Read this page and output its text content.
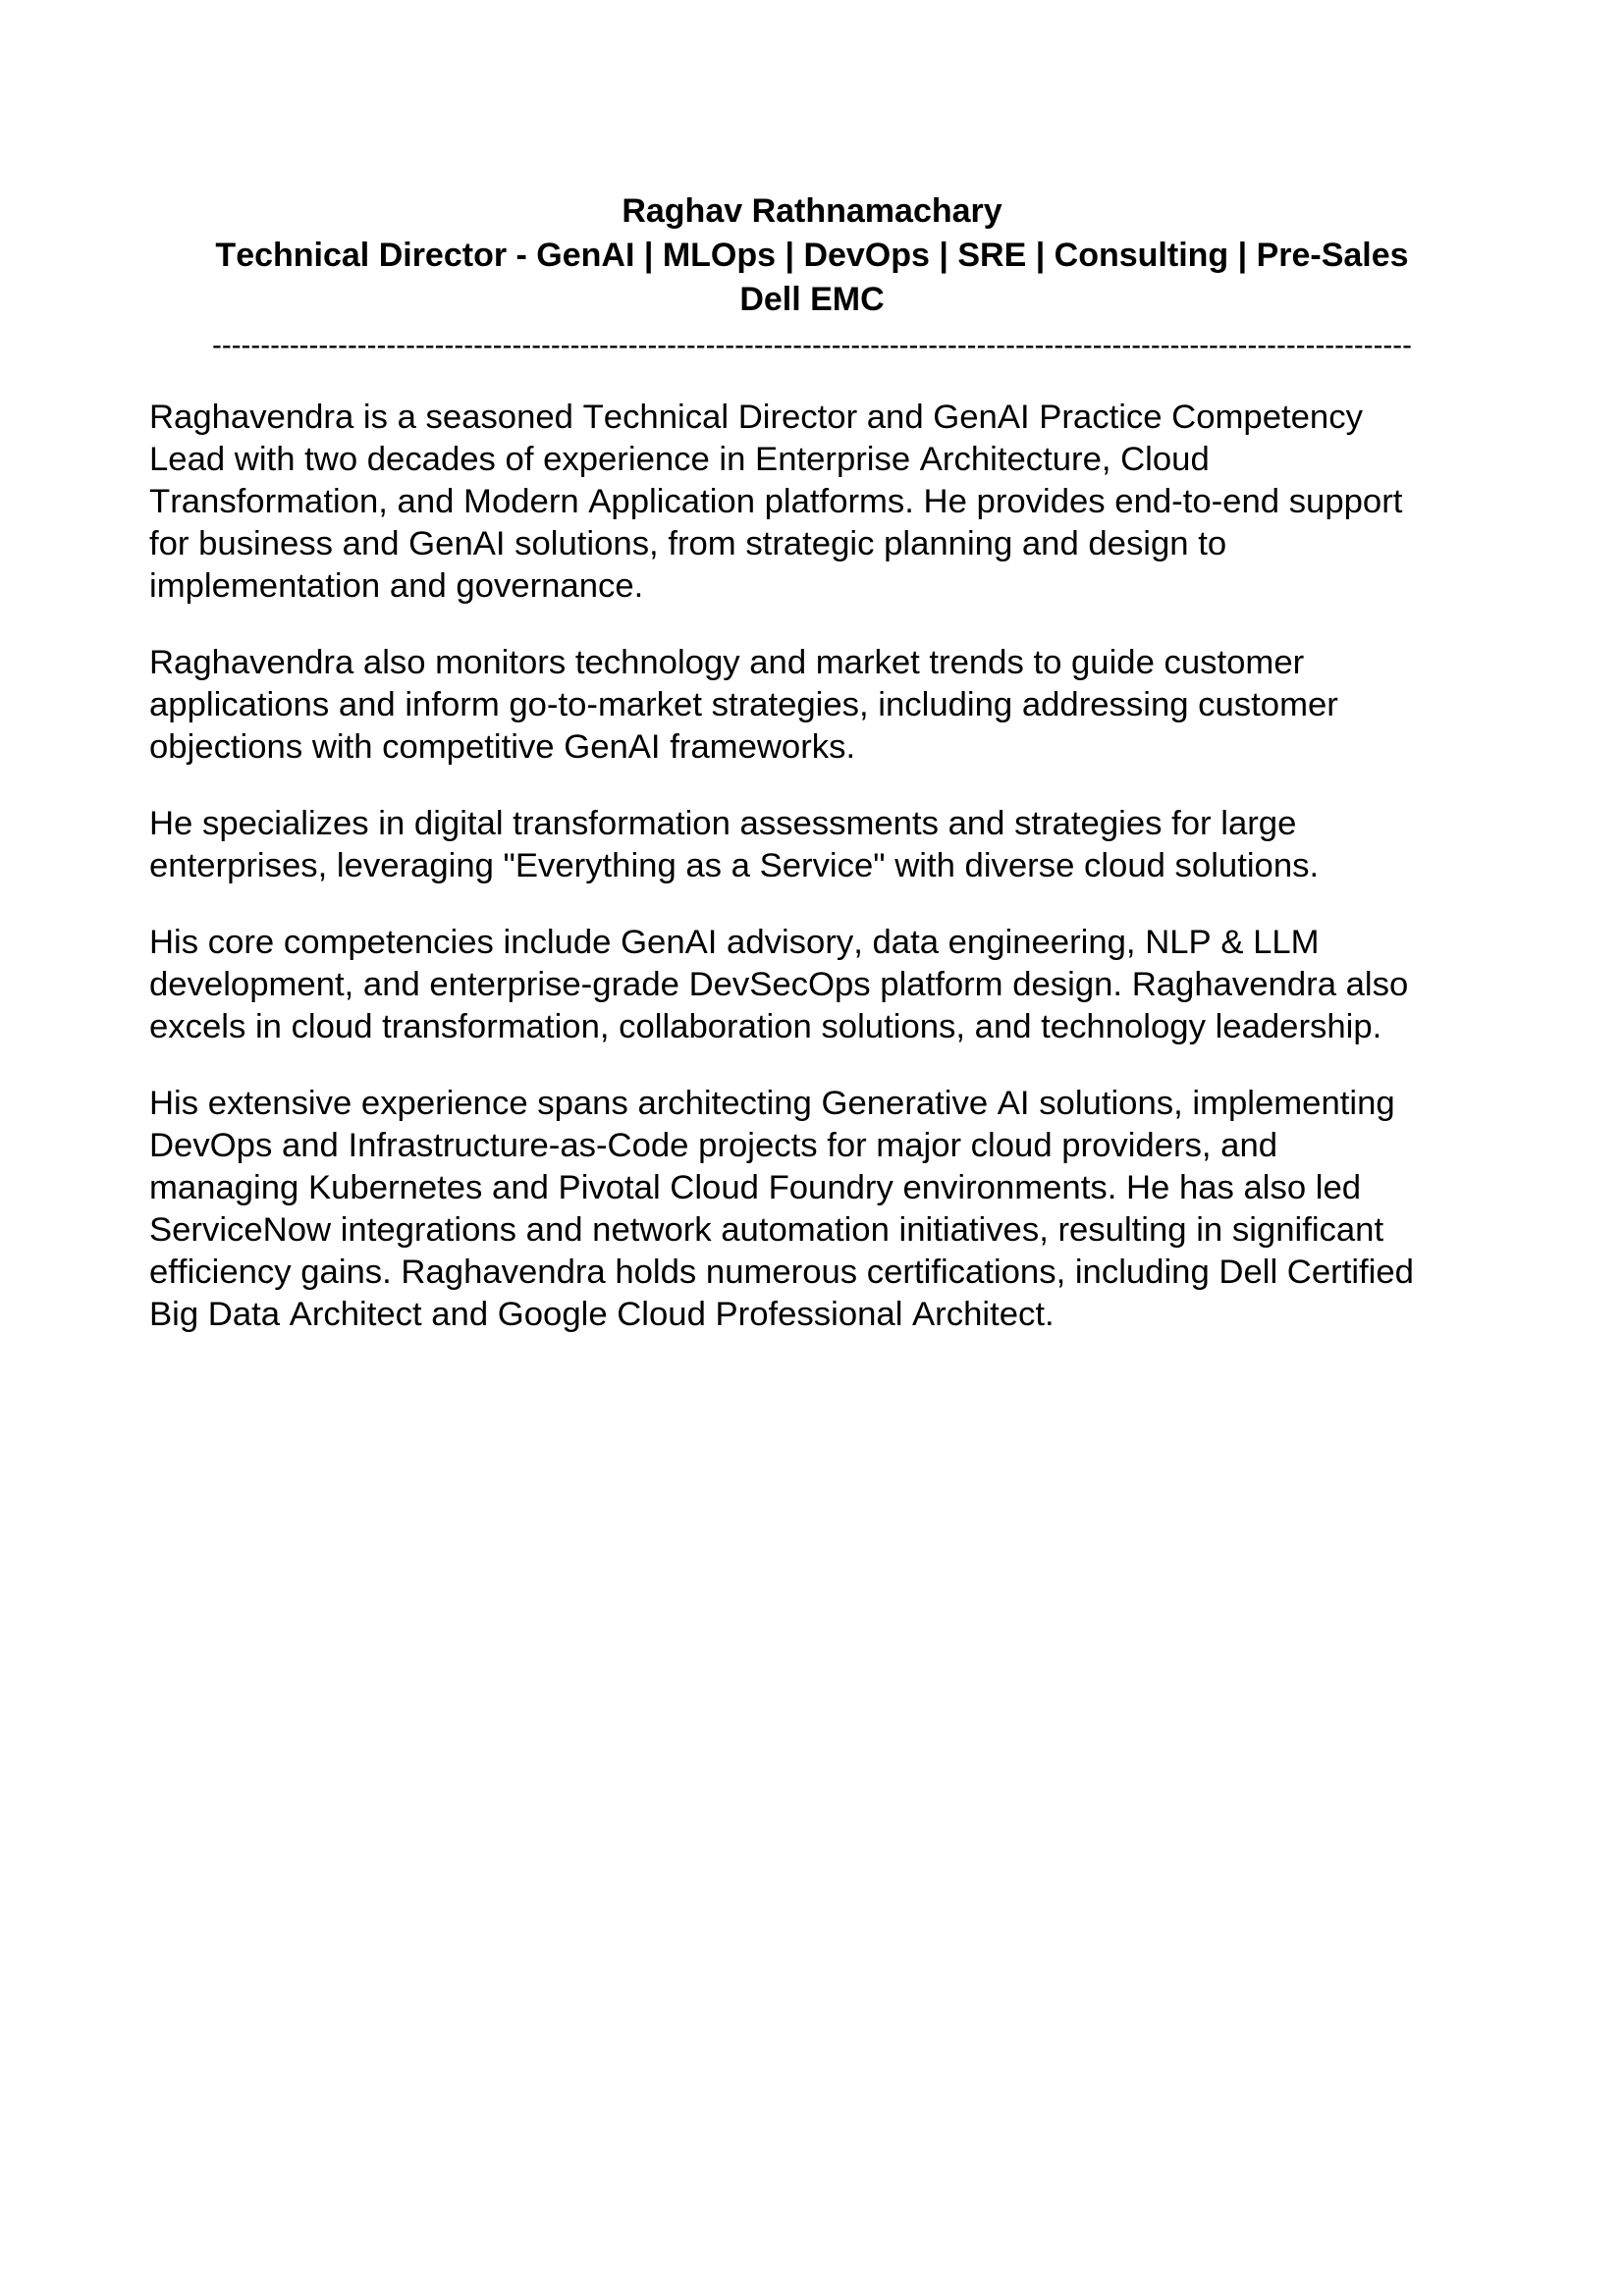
Raghav Rathnamachary
Technical Director - GenAI | MLOps | DevOps | SRE | Consulting | Pre-Sales
Dell EMC
----------------------------------------------------------------------------------------------------------------------------

Raghavendra is a seasoned Technical Director and GenAI Practice Competency Lead with two decades of experience in Enterprise Architecture, Cloud Transformation, and Modern Application platforms. He provides end-to-end support for business and GenAI solutions, from strategic planning and design to implementation and governance.

Raghavendra also monitors technology and market trends to guide customer applications and inform go-to-market strategies, including addressing customer objections with competitive GenAI frameworks.

He specializes in digital transformation assessments and strategies for large enterprises, leveraging "Everything as a Service" with diverse cloud solutions.

His core competencies include GenAI advisory, data engineering, NLP & LLM development, and enterprise-grade DevSecOps platform design. Raghavendra also excels in cloud transformation, collaboration solutions, and technology leadership.

His extensive experience spans architecting Generative AI solutions, implementing DevOps and Infrastructure-as-Code projects for major cloud providers, and managing Kubernetes and Pivotal Cloud Foundry environments. He has also led ServiceNow integrations and network automation initiatives, resulting in significant efficiency gains. Raghavendra holds numerous certifications, including Dell Certified Big Data Architect and Google Cloud Professional Architect.
